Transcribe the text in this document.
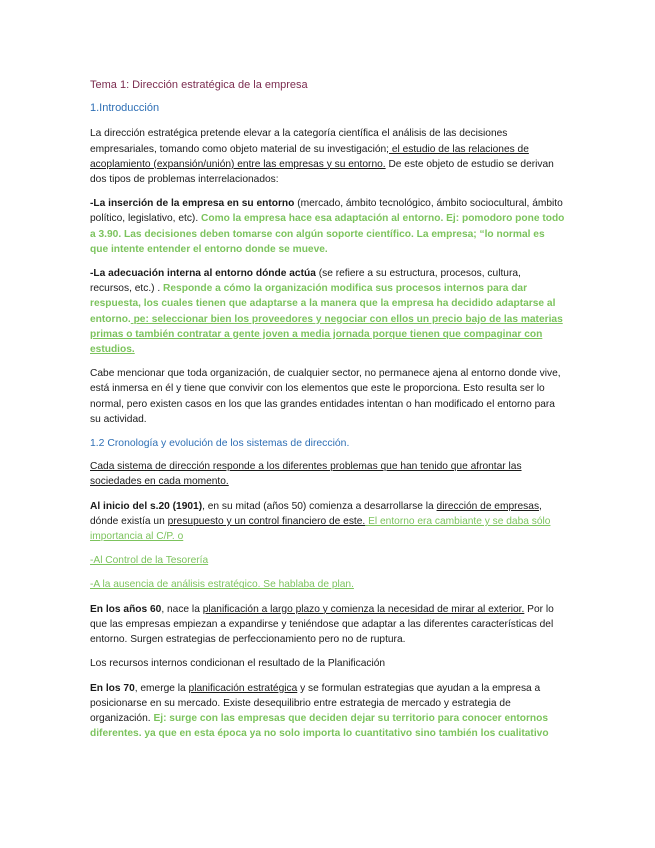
Tema 1: Dirección estratégica de la empresa
1.Introducción

La dirección estratégica pretende elevar a la categoría científica el análisis de las decisiones empresariales, tomando como objeto material de su investigación; el estudio de las relaciones de acoplamiento (expansión/unión) entre las empresas y su entorno. De este objeto de estudio se derivan dos tipos de problemas interrelacionados:

-La inserción de la empresa en su entorno (mercado, ámbito tecnológico, ámbito sociocultural, ámbito político, legislativo, etc). Como la empresa hace esa adaptación al entorno. Ej: pomodoro pone todo a 3.90. Las decisiones deben tomarse con algún soporte científico. La empresa; “lo normal es que intente entender el entorno donde se mueve.

-La adecuación interna al entorno dónde actúa (se refiere a su estructura, procesos, cultura, recursos, etc.) . Responde a cómo la organización modifica sus procesos internos para dar respuesta, los cuales tienen que adaptarse a la manera que la empresa ha decidido adaptarse al entorno. pe: seleccionar bien los proveedores y negociar con ellos un precio bajo de las materias primas o también contratar a gente joven a media jornada porque tienen que compaginar con estudios.

Cabe mencionar que toda organización, de cualquier sector, no permanece ajena al entorno donde vive, está inmersa en él y tiene que convivir con los elementos que este le proporciona. Esto resulta ser lo normal, pero existen casos en los que las grandes entidades intentan o han modificado el entorno para su actividad.

1.2 Cronología y evolución de los sistemas de dirección.

Cada sistema de dirección responde a los diferentes problemas que han tenido que afrontar las sociedades en cada momento.

Al inicio del s.20 (1901), en su mitad (años 50) comienza a desarrollarse la dirección de empresas, dónde existía un presupuesto y un control financiero de este. El entorno era cambiante y se daba sólo importancia al C/P. o

-Al Control de la Tesorería

-A la ausencia de análisis estratégico. Se hablaba de plan.

En los años 60, nace la planificación a largo plazo y comienza la necesidad de mirar al exterior. Por lo que las empresas empiezan a expandirse y teniéndose que adaptar a las diferentes características del entorno. Surgen estrategias de perfeccionamiento pero no de ruptura.

Los recursos internos condicionan el resultado de la Planificación

En los 70, emerge la planificación estratégica y se formulan estrategias que ayudan a la empresa a posicionarse en su mercado. Existe desequilibrio entre estrategia de mercado y estrategia de organización. Ej: surge con las empresas que deciden dejar su territorio para conocer entornos diferentes. ya que en esta época ya no solo importa lo cuantitativo sino también los cualitativo
